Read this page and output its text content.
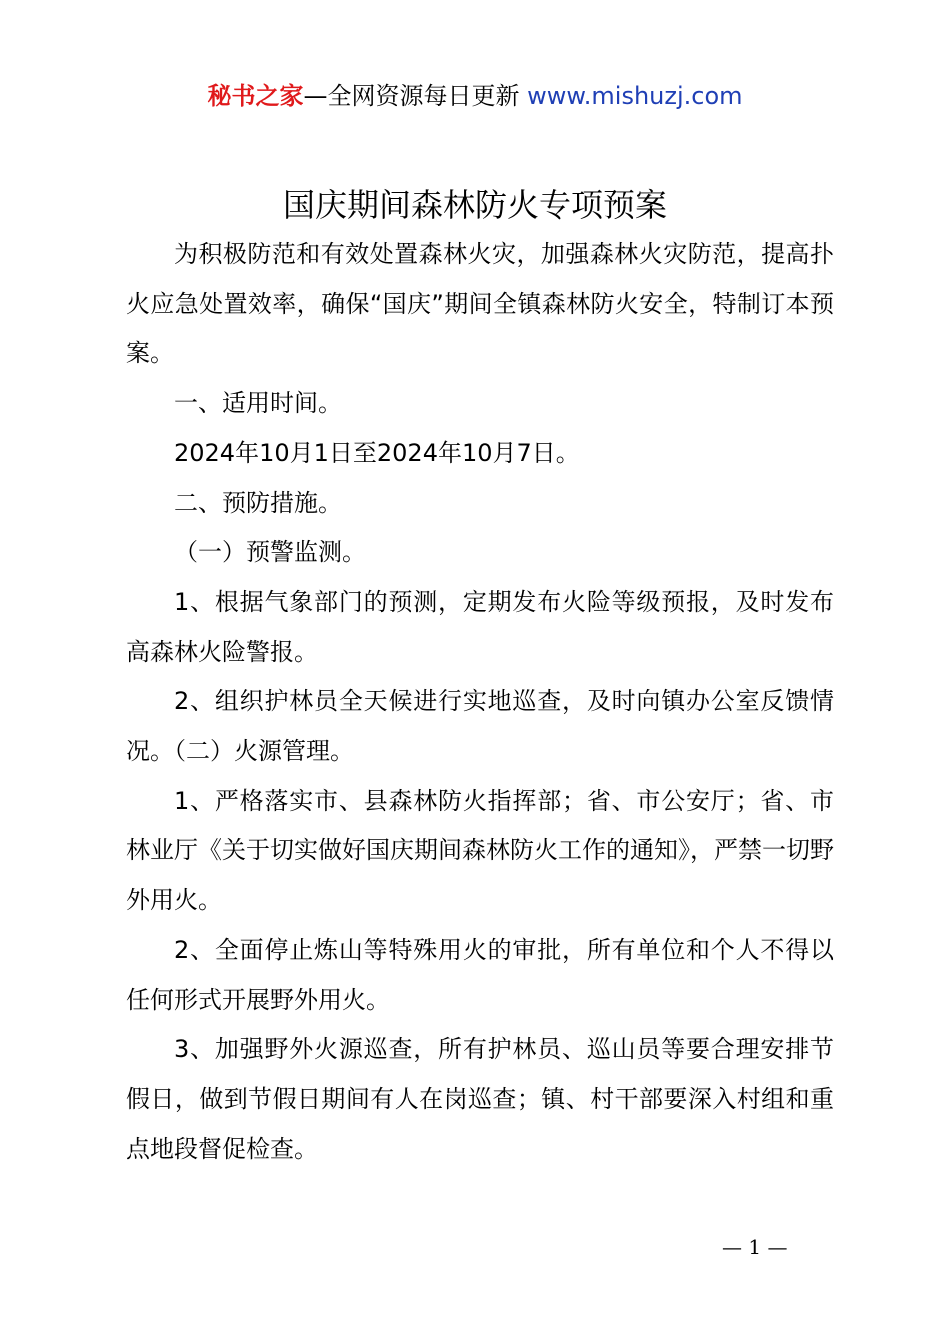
秘书之家—全网资源每日更新 www.mishuzj.com
国庆期间森林防火专项预案

为积极防范和有效处置森林火灾，加强森林火灾防范，提高扑火应急处置效率，确保“国庆”期间全镇森林防火安全，特制订本预案。

一、适用时间。

2024年10月1日至2024年10月7日。

二、预防措施。

（一）预警监测。

1、根据气象部门的预测，定期发布火险等级预报，及时发布高森林火险警报。

2、组织护林员全天候进行实地巡查，及时向镇办公室反馈情况。（二）火源管理。

1、严格落实市、县森林防火指挥部；省、市公安厅；省、市林业厅《关于切实做好国庆期间森林防火工作的通知》，严禁一切野外用火。

2、全面停止炼山等特殊用火的审批，所有单位和个人不得以任何形式开展野外用火。

3、加强野外火源巡查，所有护林员、巡山员等要合理安排节假日，做到节假日期间有人在岗巡查；镇、村干部要深入村组和重点地段督促检查。

— 1 —
